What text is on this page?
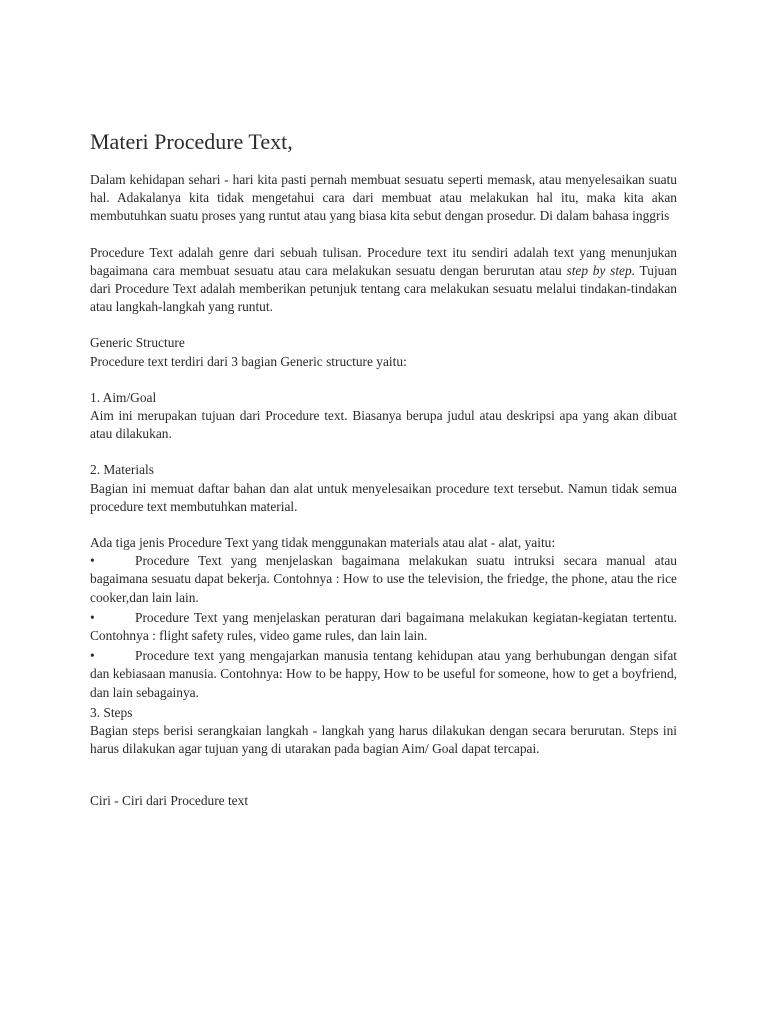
Materi Procedure Text,

Dalam kehidapan sehari - hari kita pasti pernah membuat sesuatu seperti memask, atau menyelesaikan suatu hal. Adakalanya kita tidak mengetahui cara dari membuat atau melakukan hal itu, maka kita akan membutuhkan suatu proses yang runtut atau yang biasa kita sebut dengan prosedur. Di dalam bahasa inggris

Procedure Text adalah genre dari sebuah tulisan. Procedure text itu sendiri adalah text yang menunjukan bagaimana cara membuat sesuatu atau cara melakukan sesuatu dengan berurutan atau step by step. Tujuan dari Procedure Text adalah memberikan petunjuk tentang cara melakukan sesuatu melalui tindakan-tindakan atau langkah-langkah yang runtut.

Generic Structure

Procedure text terdiri dari 3 bagian Generic structure yaitu:

1. Aim/Goal

Aim ini merupakan tujuan dari Procedure text. Biasanya berupa judul atau deskripsi apa yang akan dibuat atau dilakukan.

2. Materials

Bagian ini memuat daftar bahan dan alat untuk menyelesaikan procedure text tersebut. Namun tidak semua procedure text membutuhkan material.

Ada tiga jenis Procedure Text yang tidak menggunakan materials atau alat - alat, yaitu:

•	Procedure Text yang menjelaskan bagaimana melakukan suatu intruksi secara manual atau bagaimana sesuatu dapat bekerja. Contohnya : How to use the television, the friedge, the phone, atau the rice cooker,dan lain lain.

•	Procedure Text yang menjelaskan peraturan dari bagaimana melakukan kegiatan-kegiatan tertentu. Contohnya : flight safety rules, video game rules, dan lain lain.

•	Procedure text yang mengajarkan manusia tentang kehidupan atau yang berhubungan dengan sifat dan kebiasaan manusia. Contohnya: How to be happy, How to be useful for someone, how to get a boyfriend, dan lain sebagainya.

3. Steps

Bagian steps berisi serangkaian langkah - langkah yang harus dilakukan dengan secara berurutan. Steps ini harus dilakukan agar tujuan yang di utarakan pada bagian Aim/ Goal dapat tercapai.

Ciri - Ciri dari Procedure text
